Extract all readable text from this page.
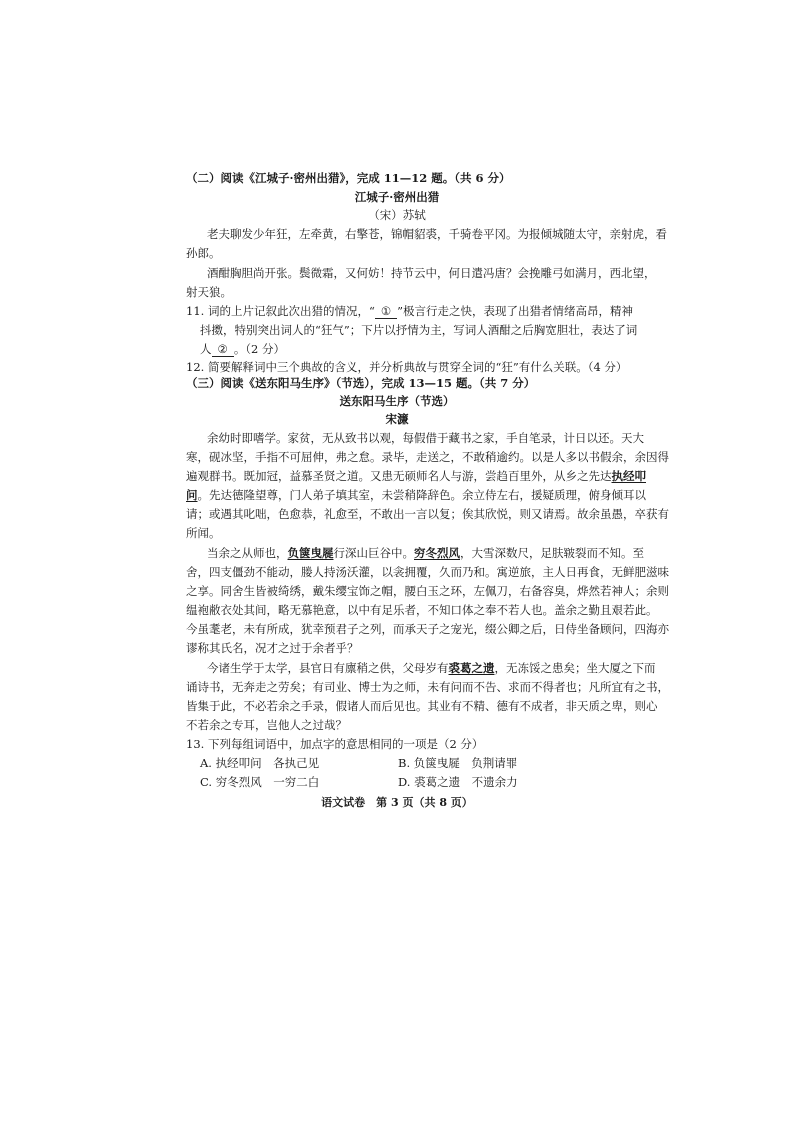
（二）阅读《江城子·密州出猎》，完成 11—12 题。（共 6 分）
江城子·密州出猎
（宋）苏轼
老夫聊发少年狂，左牵黄，右擎苍，锦帽貂裘，千骑卷平冈。为报倾城随太守，亲射虎，看
孙郎。
酒酣胸胆尚开张。鬓微霜，又何妨！持节云中，何日遣冯唐？会挽雕弓如满月，西北望，
射天狼。
11. 词的上片记叙此次出猎的情况，“ ① ”极言行走之快，表现了出猎者情绪高昂，精神
抖擞，特别突出词人的“狂气”；下片以抒情为主，写词人酒酣之后胸宽胆壮，表达了词
人 ② 。（2 分）
12. 简要解释词中三个典故的含义，并分析典故与贯穿全词的“狂”有什么关联。（4 分）
（三）阅读《送东阳马生序》（节选），完成 13—15 题。（共 7 分）
送东阳马生序（节选）
宋濂
余幼时即嗜学。家贫，无从致书以观，每假借于藏书之家，手自笔录，计日以还。天大
寒，砚冰坚，手指不可屈伸，弗之怠。录毕，走送之，不敢稍逾约。以是人多以书假余，余因得
遍观群书。既加冠，益慕圣贤之道。又患无硕师名人与游，尝趋百里外，从乡之先达执经叩
问。先达德隆望尊，门人弟子填其室，未尝稍降辞色。余立侍左右，援疑质理，俯身倾耳以
请；或遇其叱咄，色愈恭，礼愈至，不敢出一言以复；俟其欣悦，则又请焉。故余虽愚，卒获有
所闻。
当余之从师也，负箧曳屣行深山巨谷中。穷冬烈风，大雪深数尺，足肤皲裂而不知。至
舍，四支僵劲不能动，媵人持汤沃灌，以衾拥覆，久而乃和。寓逆旅，主人日再食，无鲜肥滋味
之享。同舍生皆被绮绣，戴朱缨宝饰之帽，腰白玉之环，左佩刀，右备容臭，烨然若神人；余则
缊袍敝衣处其间，略无慕艳意，以中有足乐者，不知口体之奉不若人也。盖余之勤且艰若此。
今虽耄老，未有所成，犹幸预君子之列，而承天子之宠光，缀公卿之后，日侍坐备顾问，四海亦
谬称其氏名，况才之过于余者乎？
今诸生学于太学，县官日有廪稍之供，父母岁有裘葛之遗，无冻馁之患矣；坐大厦之下而
诵诗书，无奔走之劳矣；有司业、博士为之师，未有问而不告、求而不得者也；凡所宜有之书，
皆集于此，不必若余之手录，假诸人而后见也。其业有不精、德有不成者，非天质之卑，则心
不若余之专耳，岂他人之过哉？
13. 下列每组词语中，加点字的意思相同的一项是（2 分）
A. 执经叩问　各执己见	B. 负箧曳屣　负荆请罪
C. 穷冬烈风　一穷二白	D. 裘葛之遗　不遗余力
语文试卷　第 3 页（共 8 页）
